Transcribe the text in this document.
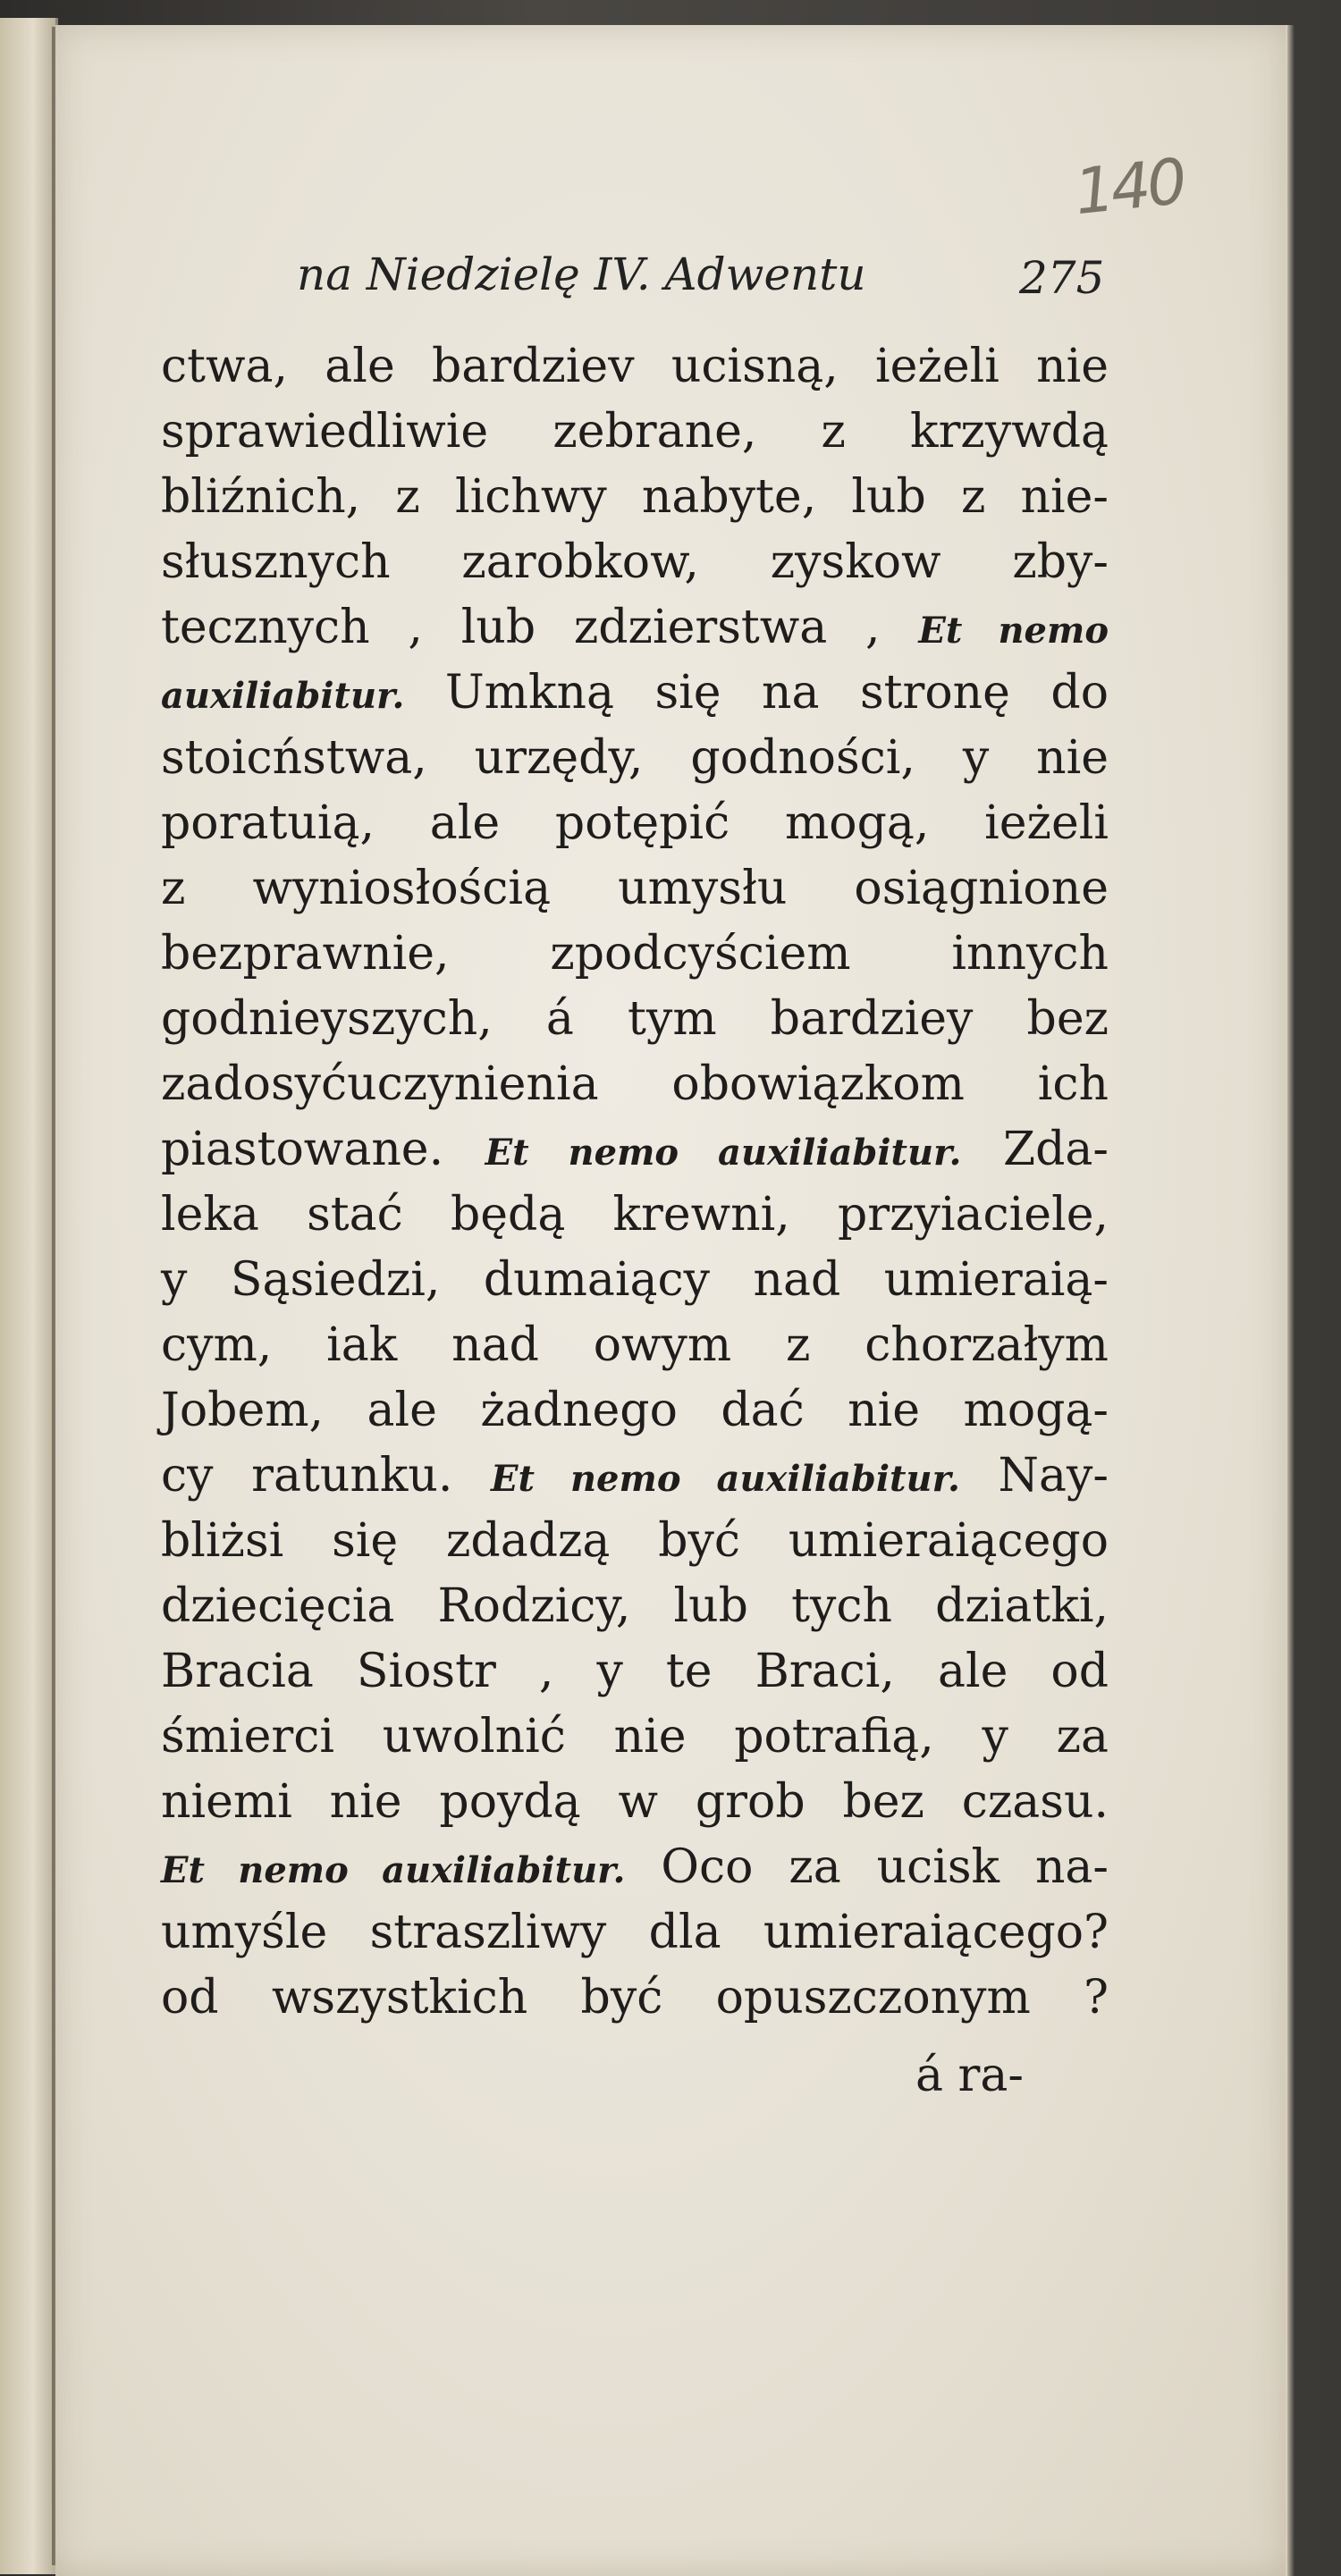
140
na Niedzielę IV. Adwentu	275
ctwa, ale bardziev ucisną, ieżeli nie
sprawiedliwie zebrane, z krzywdą
bliźnich, z lichwy nabyte, lub z nie-
słusznych zarobkow, zyskow zby-
tecznych , lub zdzierstwa , Et nemo
auxiliabitur. Umkną się na stronę do
stoicństwa, urzędy, godności, y nie
poratuią, ale potępić mogą, ieżeli
z wyniosłością umysłu osiągnione
bezprawnie, zpodcyściem innych
godnieyszych, á tym bardziey bez
zadosyćuczynienia obowiązkom ich
piastowane. Et nemo auxiliabitur. Zda-
leka stać będą krewni, przyiaciele,
y Sąsiedzi, dumaiący nad umieraią-
cym, iak nad owym z chorzałym
Jobem, ale żadnego dać nie mogą-
cy ratunku. Et nemo auxiliabitur. Nay-
bliżsi się zdadzą być umieraiącego
dziecięcia Rodzicy, lub tych dziatki,
Bracia Siostr , y te Braci, ale od
śmierci uwolnić nie potrafią, y za
niemi nie poydą w grob bez czasu.
Et nemo auxiliabitur. Oco za ucisk na-
umyśle straszliwy dla umieraiącego?
od wszystkich być opuszczonym ?
á ra-
